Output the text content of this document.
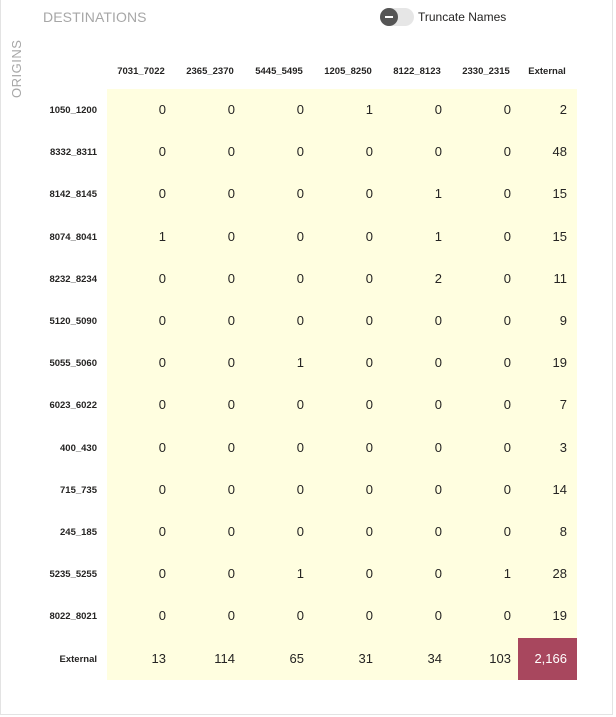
DESTINATIONS
ORIGINS
Truncate Names
7031_7022	2365_2370	5445_5495	1205_8250	8122_8123	2330_2315	External
1050_1200	0	0	0	1	0	0	2
8332_8311	0	0	0	0	0	0	48
8142_8145	0	0	0	0	1	0	15
8074_8041	1	0	0	0	1	0	15
8232_8234	0	0	0	0	2	0	11
5120_5090	0	0	0	0	0	0	9
5055_5060	0	0	1	0	0	0	19
6023_6022	0	0	0	0	0	0	7
400_430	0	0	0	0	0	0	3
715_735	0	0	0	0	0	0	14
245_185	0	0	0	0	0	0	8
5235_5255	0	0	1	0	0	1	28
8022_8021	0	0	0	0	0	0	19
External	13	114	65	31	34	103	2,166
